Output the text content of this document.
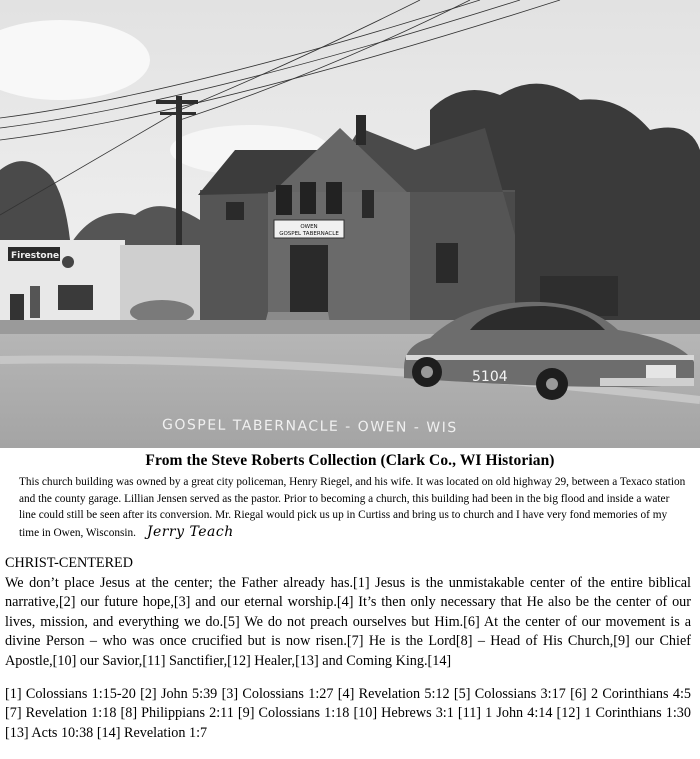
Firestone
OWEN
GOSPEL TABERNACLE
5104
GOSPEL TABERNACLE - OWEN - WIS
From the Steve Roberts Collection (Clark Co., WI Historian)
This church building was owned by a great city policeman, Henry Riegel, and his wife. It was located on old highway 29, between a Texaco station and the county garage. Lillian Jensen served as the pastor. Prior to becoming a church, this building had been in the big flood and inside a water line could still be seen after its conversion. Mr. Riegal would pick us up in Curtiss and bring us to church and I have very fond memories of my time in Owen, Wisconsin. Jerry Teach

CHRIST-CENTERED

We don’t place Jesus at the center; the Father already has.[1] Jesus is the unmistakable center of the entire biblical narrative,[2] our future hope,[3] and our eternal worship.[4] It’s then only necessary that He also be the center of our lives, mission, and everything we do.[5] We do not preach ourselves but Him.[6] At the center of our movement is a divine Person – who was once crucified but is now risen.[7] He is the Lord[8] – Head of His Church,[9] our Chief Apostle,[10] our Savior,[11] Sanctifier,[12] Healer,[13] and Coming King.[14]

[1] Colossians 1:15-20 [2] John 5:39 [3] Colossians 1:27 [4] Revelation 5:12 [5] Colossians 3:17 [6] 2 Corinthians 4:5 [7] Revelation 1:18 [8] Philippians 2:11 [9] Colossians 1:18 [10] Hebrews 3:1 [11] 1 John 4:14 [12] 1 Corinthians 1:30 [13] Acts 10:38 [14] Revelation 1:7
